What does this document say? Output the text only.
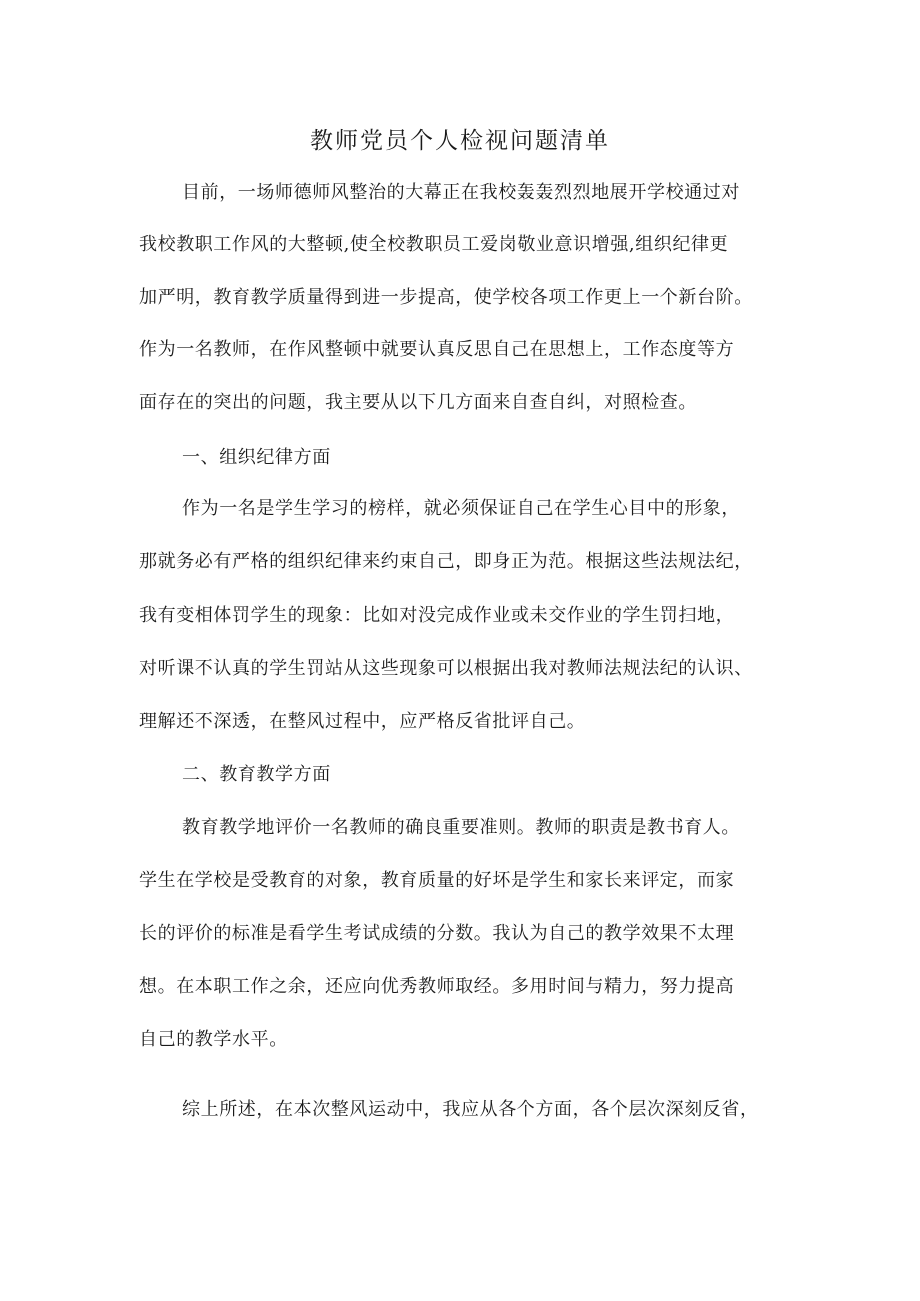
教师党员个人检视问题清单
目前，一场师德师风整治的大幕正在我校轰轰烈烈地展开学校通过对
我校教职工作风的大整顿,使全校教职员工爱岗敬业意识增强,组织纪律更
加严明，教育教学质量得到进一步提高，使学校各项工作更上一个新台阶。
作为一名教师，在作风整顿中就要认真反思自己在思想上，工作态度等方
面存在的突出的问题，我主要从以下几方面来自查自纠，对照检查。
一、组织纪律方面
作为一名是学生学习的榜样，就必须保证自己在学生心目中的形象，
那就务必有严格的组织纪律来约束自己，即身正为范。根据这些法规法纪，
我有变相体罚学生的现象：比如对没完成作业或未交作业的学生罚扫地，
对听课不认真的学生罚站从这些现象可以根据出我对教师法规法纪的认识、
理解还不深透，在整风过程中，应严格反省批评自己。
二、教育教学方面
教育教学地评价一名教师的确良重要准则。教师的职责是教书育人。
学生在学校是受教育的对象，教育质量的好坏是学生和家长来评定，而家
长的评价的标准是看学生考试成绩的分数。我认为自己的教学效果不太理
想。在本职工作之余，还应向优秀教师取经。多用时间与精力，努力提高
自己的教学水平。
综上所述，在本次整风运动中，我应从各个方面，各个层次深刻反省，
